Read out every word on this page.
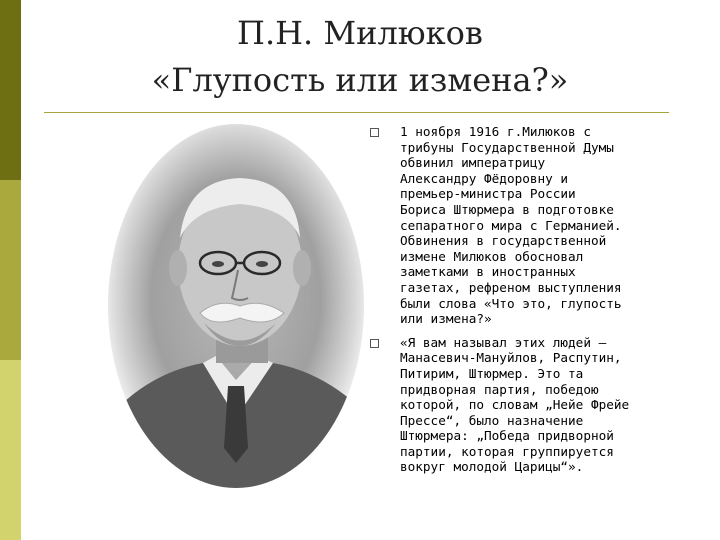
П.Н. Милюков
«Глупость или измена?»
1 ноября 1916 г.Милюков с
трибуны Государственной Думы
обвинил императрицу
Александру Фёдоровну и
премьер-министра России
Бориса Штюрмера в подготовке
сепаратного мира с Германией.
Обвинения в государственной
измене Милюков обосновал
заметками в иностранных
газетах, рефреном выступления
были слова «Что это, глупость
или измена?»
«Я вам называл этих людей —
Манасевич-Мануйлов, Распутин,
Питирим, Штюрмер. Это та
придворная партия, победою
которой, по словам „Нейе Фрейе
Прессе“, было назначение
Штюрмера: „Победа придворной
партии, которая группируется
вокруг молодой Царицы“».
